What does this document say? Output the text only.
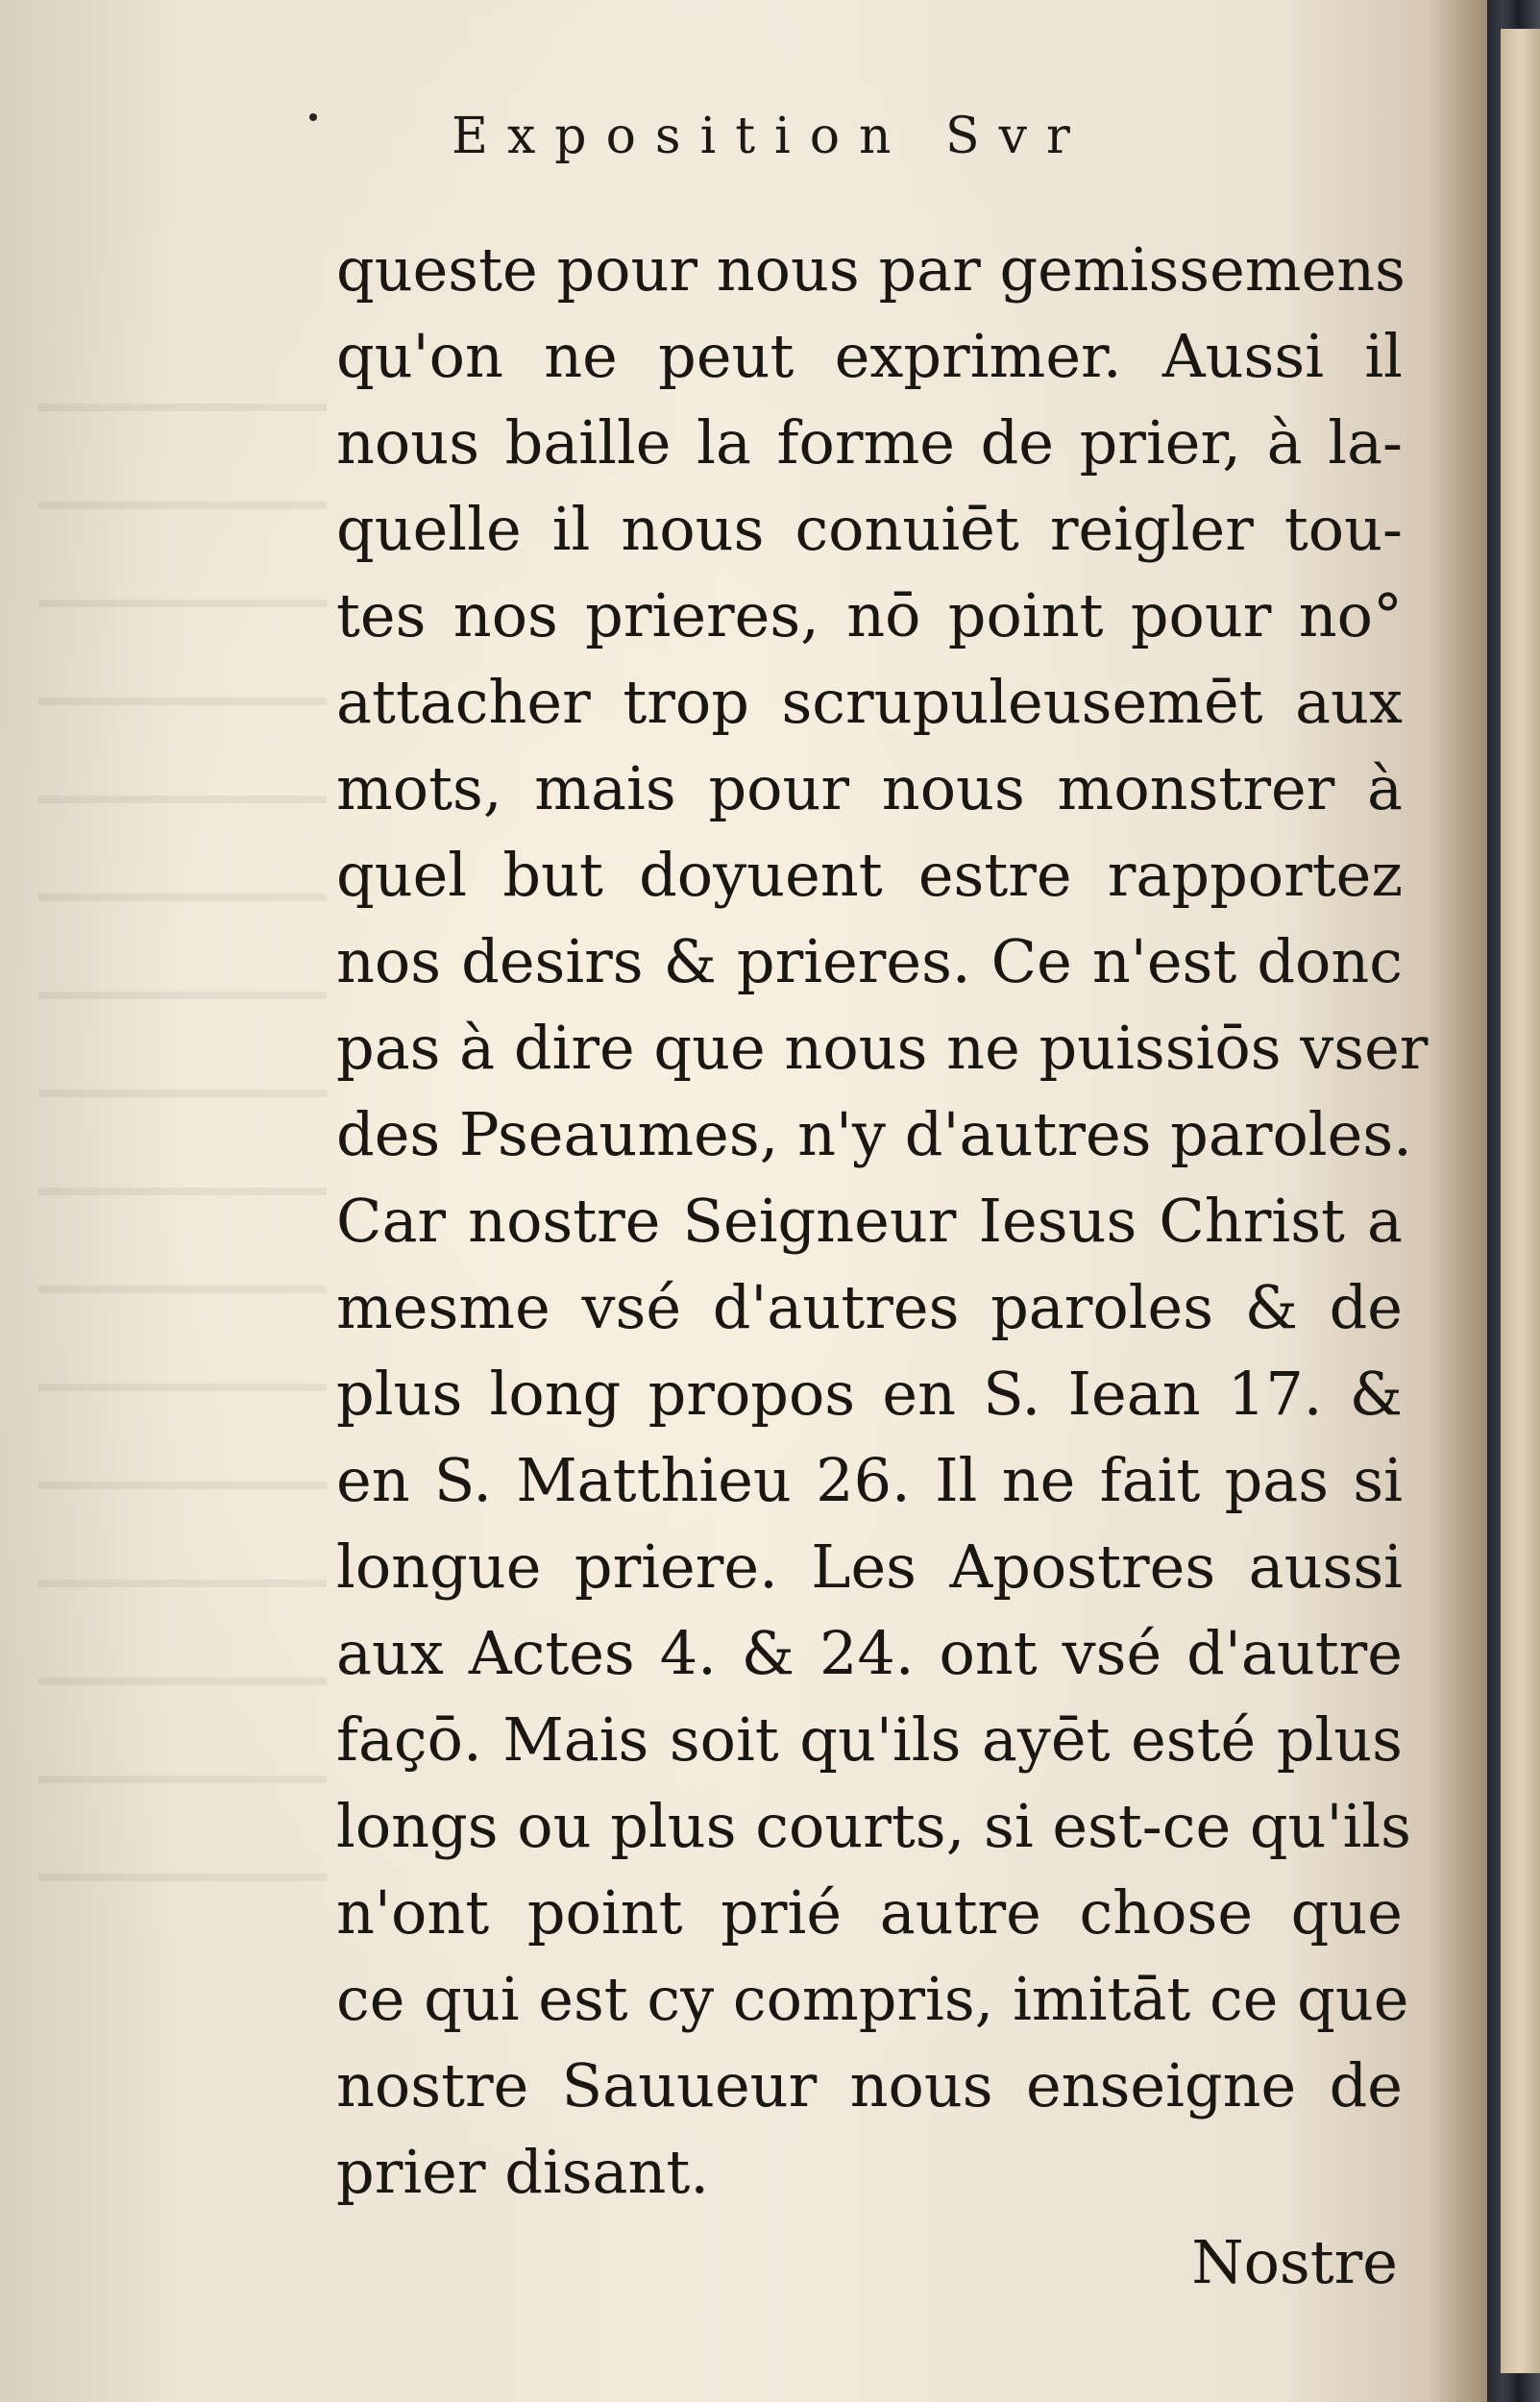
Exposition Svr
queste pour nous par gemissemens
qu'on ne peut exprimer. Aussi il
nous baille la forme de prier, à la-
quelle il nous conuiēt reigler tou-
tes nos prieres, nō point pour no°
attacher trop scrupuleusemēt aux
mots, mais pour nous monstrer à
quel but doyuent estre rapportez
nos desirs & prieres. Ce n'est donc
pas à dire que nous ne puissiōs vser
des Pseaumes, n'y d'autres paroles.
Car nostre Seigneur Iesus Christ a
mesme vsé d'autres paroles & de
plus long propos en S. Iean 17. &
en S. Matthieu 26. Il ne fait pas si
longue priere. Les Apostres aussi
aux Actes 4. & 24. ont vsé d'autre
façō. Mais soit qu'ils ayēt esté plus
longs ou plus courts, si est-ce qu'ils
n'ont point prié autre chose que
ce qui est cy compris, imitāt ce que
nostre Sauueur nous enseigne de
prier disant.
Nostre
